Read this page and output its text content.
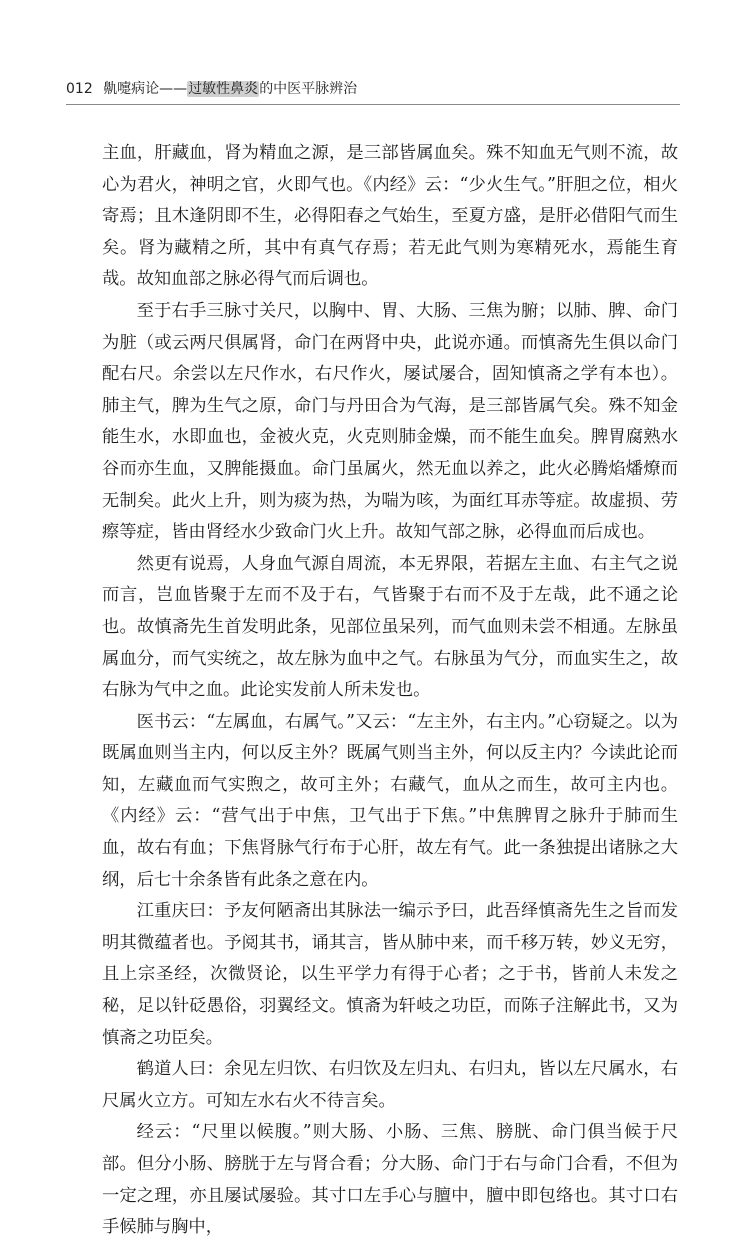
012 鼽嚏病论——过敏性鼻炎的中医平脉辨治

主血，肝藏血，肾为精血之源，是三部皆属血矣。殊不知血无气则不流，故心为君火，神明之官，火即气也。《内经》云：“少火生气。”肝胆之位，相火寄焉；且木逢阴即不生，必得阳春之气始生，至夏方盛，是肝必借阳气而生矣。肾为藏精之所，其中有真气存焉；若无此气则为寒精死水，焉能生育哉。故知血部之脉必得气而后调也。

至于右手三脉寸关尺，以胸中、胃、大肠、三焦为腑；以肺、脾、命门为脏（或云两尺俱属肾，命门在两肾中央，此说亦通。而慎斋先生俱以命门配右尺。余尝以左尺作水，右尺作火，屡试屡合，固知慎斋之学有本也）。肺主气，脾为生气之原，命门与丹田合为气海，是三部皆属气矣。殊不知金能生水，水即血也，金被火克，火克则肺金燥，而不能生血矣。脾胃腐熟水谷而亦生血，又脾能摄血。命门虽属火，然无血以养之，此火必腾焰燔燎而无制矣。此火上升，则为痰为热，为喘为咳，为面红耳赤等症。故虚损、劳瘵等症，皆由肾经水少致命门火上升。故知气部之脉，必得血而后成也。

然更有说焉，人身血气源自周流，本无界限，若据左主血、右主气之说而言，岂血皆聚于左而不及于右，气皆聚于右而不及于左哉，此不通之论也。故慎斋先生首发明此条，见部位虽呆列，而气血则未尝不相通。左脉虽属血分，而气实统之，故左脉为血中之气。右脉虽为气分，而血实生之，故右脉为气中之血。此论实发前人所未发也。

医书云：“左属血，右属气。”又云：“左主外，右主内。”心窃疑之。以为既属血则当主内，何以反主外？既属气则当主外，何以反主内？今读此论而知，左藏血而气实煦之，故可主外；右藏气，血从之而生，故可主内也。《内经》云：“营气出于中焦，卫气出于下焦。”中焦脾胃之脉升于肺而生血，故右有血；下焦肾脉气行布于心肝，故左有气。此一条独提出诸脉之大纲，后七十余条皆有此条之意在内。

江重庆曰：予友何陋斋出其脉法一编示予曰，此吾绎慎斋先生之旨而发明其微蕴者也。予阅其书，诵其言，皆从肺中来，而千移万转，妙义无穷，且上宗圣经，次微贤论，以生平学力有得于心者；之于书，皆前人未发之秘，足以针砭愚俗，羽翼经文。慎斋为轩岐之功臣，而陈子注解此书，又为慎斋之功臣矣。

鹤道人曰：余见左归饮、右归饮及左归丸、右归丸，皆以左尺属水，右尺属火立方。可知左水右火不待言矣。

经云：“尺里以候腹。”则大肠、小肠、三焦、膀胱、命门俱当候于尺部。但分小肠、膀胱于左与肾合看；分大肠、命门于右与命门合看，不但为一定之理，亦且屡试屡验。其寸口左手心与膻中，膻中即包络也。其寸口右手候肺与胸中，
